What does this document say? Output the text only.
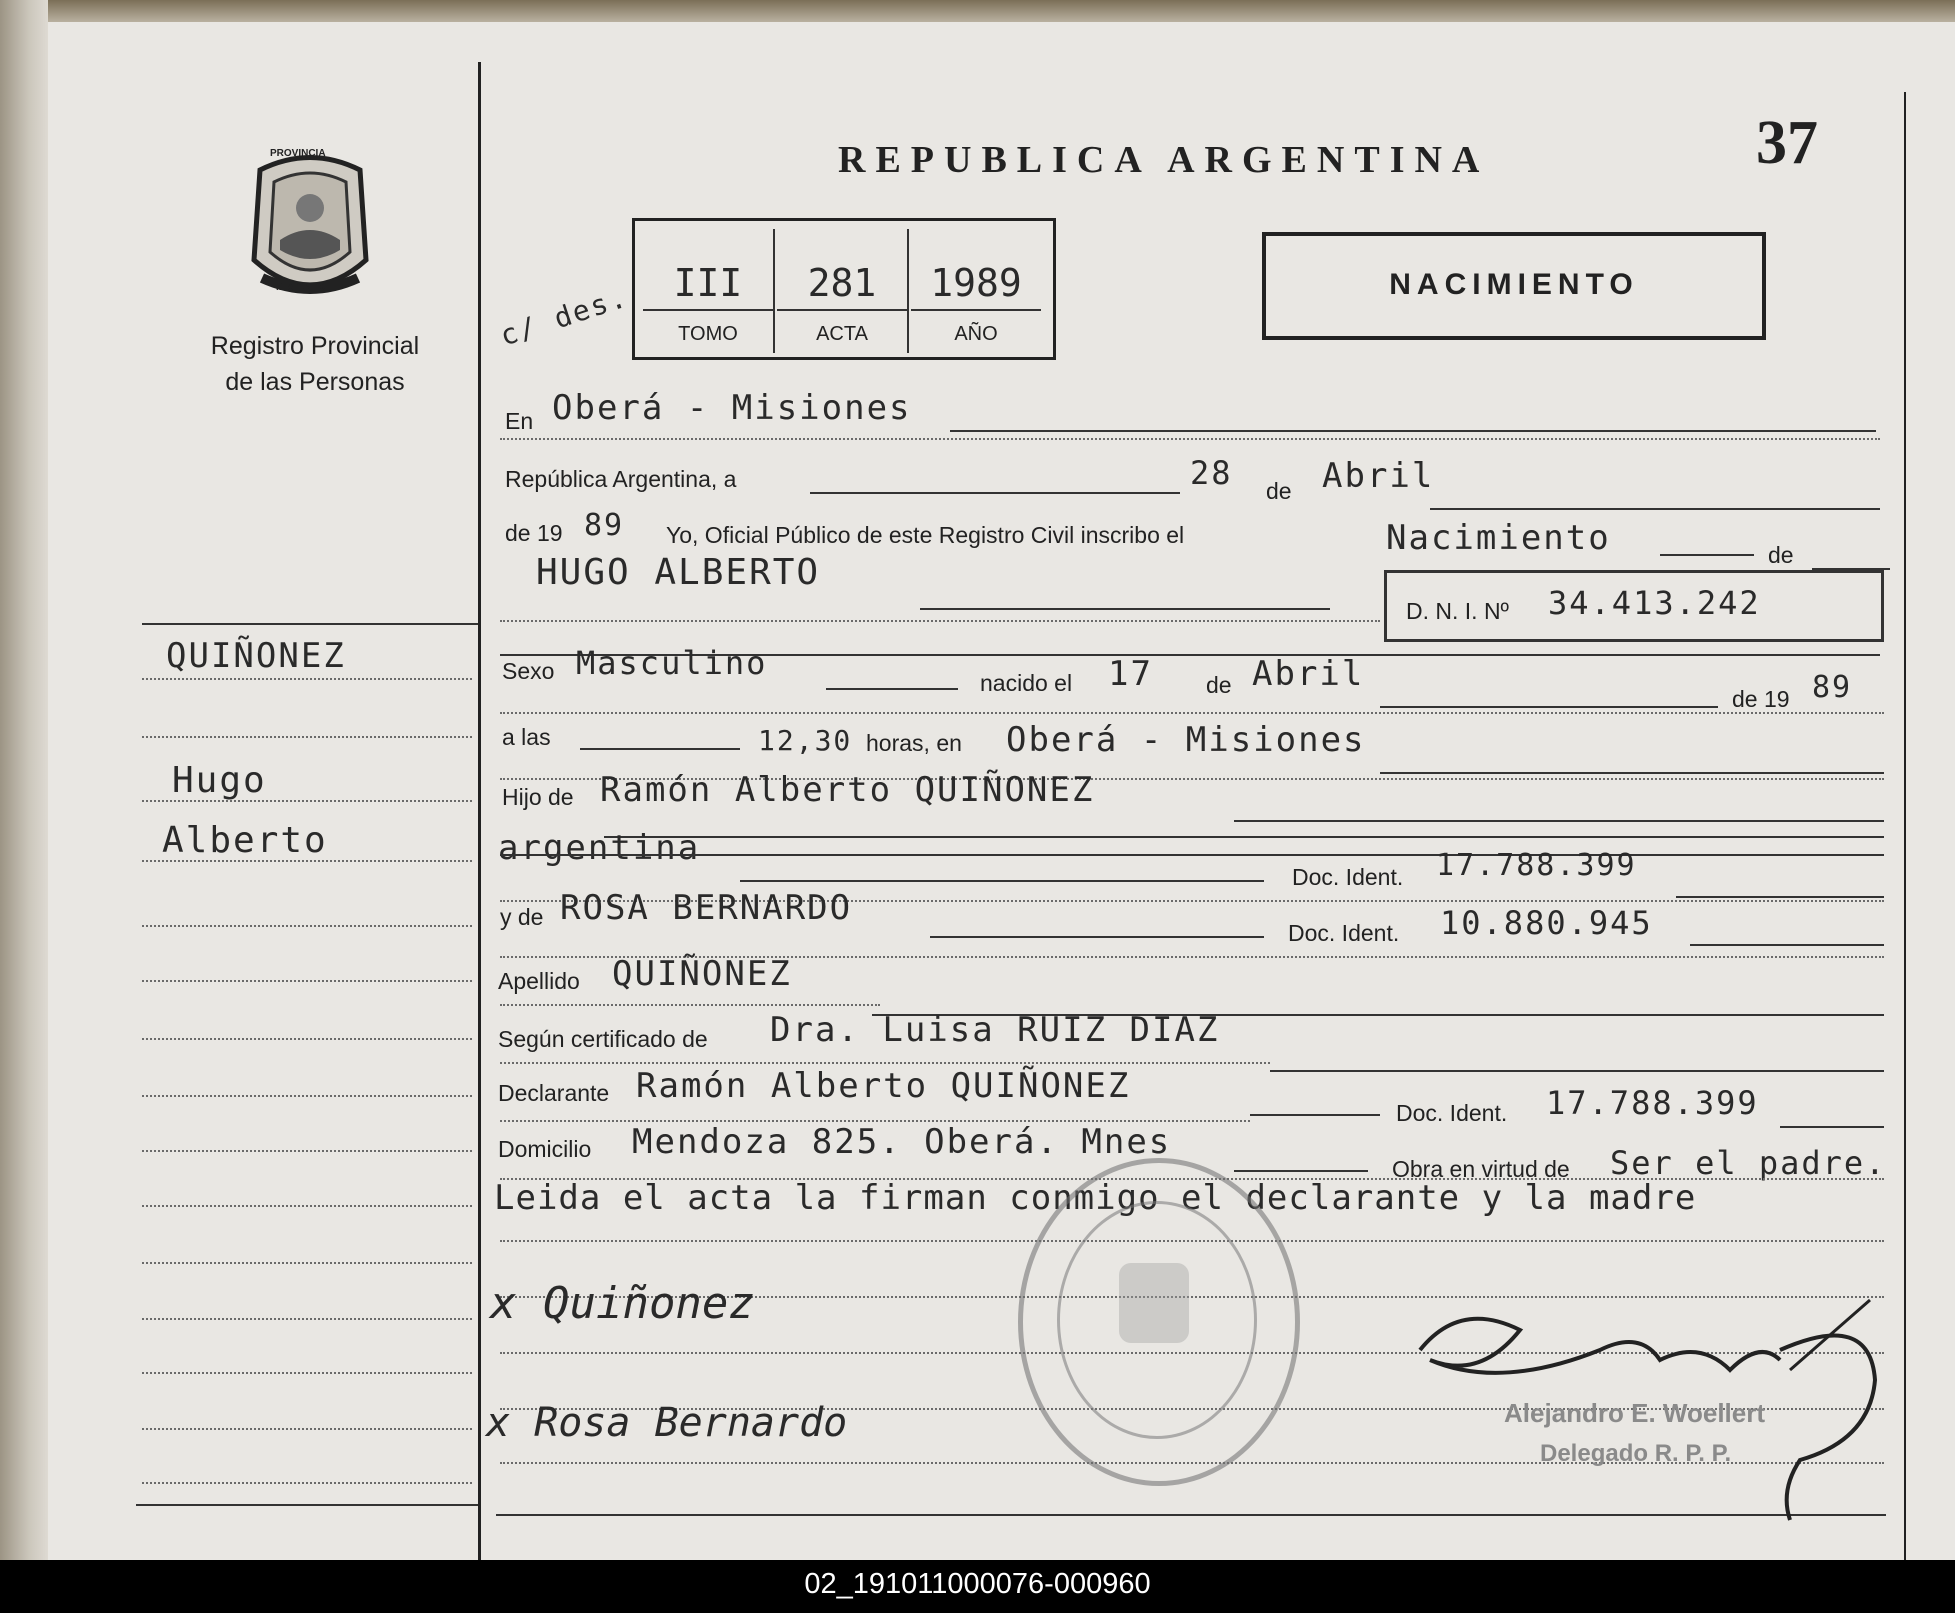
PROVINCIA
MISIONES
Registro Provincial
de las Personas
REPUBLICA ARGENTINA	37
c/ des.	III	281	1989
TOMO	ACTA	AÑO
NACIMIENTO
QUIÑONEZ
Hugo
Alberto
En Oberá - Misiones
República Argentina, a	28 de Abril
de 19 89 Yo, Oficial Público de este Registro Civil inscribo el	Nacimiento	de
HUGO ALBERTO
D. N. I. Nº 34.413.242
Sexo Masculino
nacido el 17 de Abril
de 19 89
a las	12,30 horas, en Oberá - Misiones
Hijo de Ramón Alberto QUIÑONEZ
argentina
Doc. Ident. 17.788.399
y de ROSA BERNARDO
Doc. Ident. 10.880.945
Apellido QUIÑONEZ
Según certificado de Dra. Luisa RUIZ DIAZ
Declarante Ramón Alberto QUIÑONEZ
Doc. Ident. 17.788.399
Domicilio Mendoza 825. Oberá. Mnes
Obra en virtud de Ser el padre.
Leida el acta la firman conmigo el declarante y la madre
x Quiñonez
x Rosa Bernardo	Alejandro E. Woellert
Delegado R. P. P.
02_191011000076-000960
